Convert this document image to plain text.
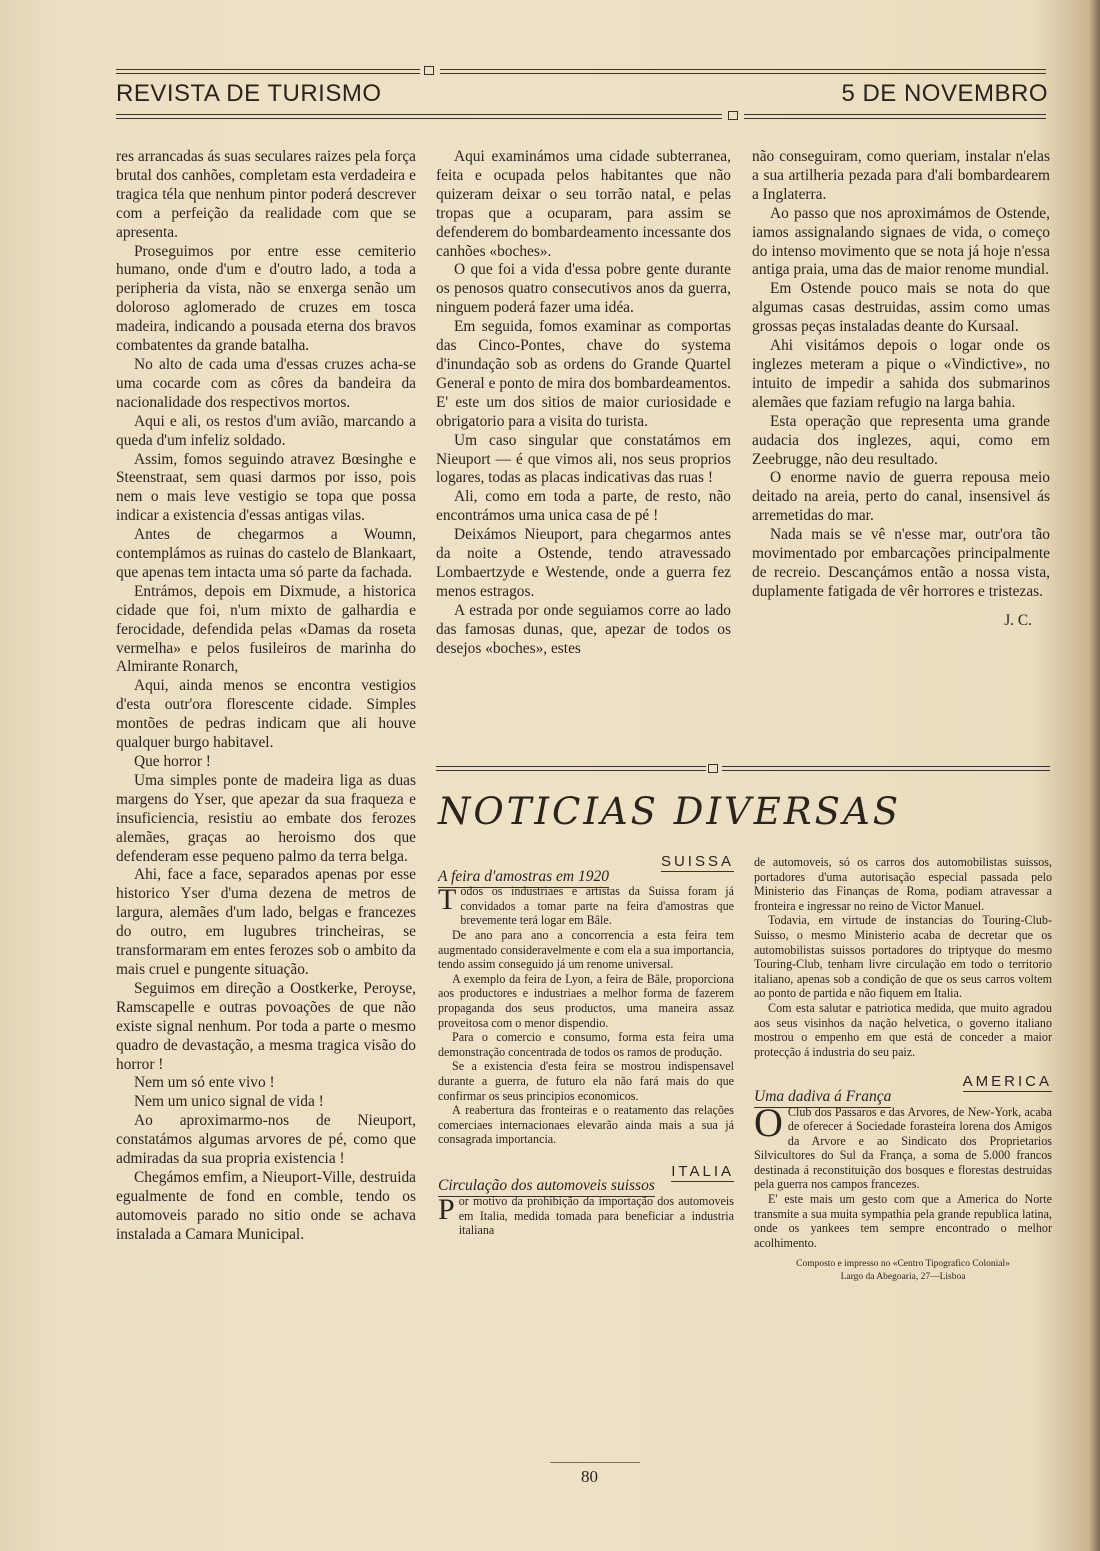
REVISTA DE TURISMO	5 DE NOVEMBRO

res arrancadas ás suas seculares raizes pela força brutal dos canhões, completam esta verdadeira e tragica téla que nenhum pintor poderá descrever com a perfeição da realidade com que se apresenta.

Proseguimos por entre esse cemiterio humano, onde d'um e d'outro lado, a toda a peripheria da vista, não se enxerga senão um doloroso aglomerado de cruzes em tosca madeira, indicando a pousada eterna dos bravos combatentes da grande batalha.

No alto de cada uma d'essas cruzes acha-se uma cocarde com as côres da bandeira da nacionalidade dos respectivos mortos.

Aqui e ali, os restos d'um avião, marcando a queda d'um infeliz soldado.

Assim, fomos seguindo atravez Bœsinghe e Steenstraat, sem quasi darmos por isso, pois nem o mais leve vestigio se topa que possa indicar a existencia d'essas antigas vilas.

Antes de chegarmos a Woumn, contemplámos as ruinas do castelo de Blankaart, que apenas tem intacta uma só parte da fachada.

Entrámos, depois em Dixmude, a historica cidade que foi, n'um mixto de galhardia e ferocidade, defendida pelas «Damas da roseta vermelha» e pelos fusileiros de marinha do Almirante Ronarch,

Aqui, ainda menos se encontra vestigios d'esta outr'ora florescente cidade. Simples montões de pedras indicam que ali houve qualquer burgo habitavel.

Que horror !

Uma simples ponte de madeira liga as duas margens do Yser, que apezar da sua fraqueza e insuficiencia, resistiu ao embate dos ferozes alemães, graças ao heroismo dos que defenderam esse pequeno palmo da terra belga.

Ahi, face a face, separados apenas por esse historico Yser d'uma dezena de metros de largura, alemães d'um lado, belgas e francezes do outro, em lugubres trincheiras, se transformaram em entes ferozes sob o ambito da mais cruel e pungente situação.

Seguimos em direção a Oostkerke, Peroyse, Ramscapelle e outras povoações de que não existe signal nenhum. Por toda a parte o mesmo quadro de devastação, a mesma tragica visão do horror !

Nem um só ente vivo !

Nem um unico signal de vida !

Ao aproximarmo-nos de Nieuport, constatámos algumas arvores de pé, como que admiradas da sua propria existencia !

Chegámos emfim, a Nieuport-Ville, destruida egualmente de fond en comble, tendo os automoveis parado no sitio onde se achava instalada a Camara Municipal.

Aqui examinámos uma cidade subterranea, feita e ocupada pelos habitantes que não quizeram deixar o seu torrão natal, e pelas tropas que a ocuparam, para assim se defenderem do bombardeamento incessante dos canhões «boches».

O que foi a vida d'essa pobre gente durante os penosos quatro consecutivos anos da guerra, ninguem poderá fazer uma idéa.

Em seguida, fomos examinar as comportas das Cinco-Pontes, chave do systema d'inundação sob as ordens do Grande Quartel General e ponto de mira dos bombardeamentos. E' este um dos sitios de maior curiosidade e obrigatorio para a visita do turista.

Um caso singular que constatámos em Nieuport — é que vimos ali, nos seus proprios logares, todas as placas indicativas das ruas !

Ali, como em toda a parte, de resto, não encontrámos uma unica casa de pé !

Deixámos Nieuport, para chegarmos antes da noite a Ostende, tendo atravessado Lombaertzyde e Westende, onde a guerra fez menos estragos.

A estrada por onde seguiamos corre ao lado das famosas dunas, que, apezar de todos os desejos «boches», estes

não conseguiram, como queriam, instalar n'elas a sua artilheria pezada para d'ali bombardearem a Inglaterra.

Ao passo que nos aproximámos de Ostende, iamos assignalando signaes de vida, o começo do intenso movimento que se nota já hoje n'essa antiga praia, uma das de maior renome mundial.

Em Ostende pouco mais se nota do que algumas casas destruidas, assim como umas grossas peças instaladas deante do Kursaal.

Ahi visitámos depois o logar onde os inglezes meteram a pique o «Vindictive», no intuito de impedir a sahida dos submarinos alemães que faziam refugio na larga bahia.

Esta operação que representa uma grande audacia dos inglezes, aqui, como em Zeebrugge, não deu resultado.

O enorme navio de guerra repousa meio deitado na areia, perto do canal, insensivel ás arremetidas do mar.

Nada mais se vê n'esse mar, outr'ora tão movimentado por embarcações principalmente de recreio. Descançámos então a nossa vista, duplamente fatigada de vêr horrores e tristezas.

J. C.

NOTICIAS DIVERSAS

SUISSA

A feira d'amostras em 1920

Todos os industriaes e artistas da Suissa foram já convidados a tomar parte na feira d'amostras que brevemente terá logar em Bâle.

De ano para ano a concorrencia a esta feira tem augmentado consideravelmente e com ela a sua importancia, tendo assim conseguido já um renome universal.

A exemplo da feira de Lyon, a feira de Bâle, proporciona aos productores e industriaes a melhor forma de fazerem propaganda dos seus productos, uma maneira assaz proveitosa com o menor dispendio.

Para o comercio e consumo, forma esta feira uma demonstração concentrada de todos os ramos de produção.

Se a existencia d'esta feira se mostrou indispensavel durante a guerra, de futuro ela não fará mais do que confirmar os seus principios economicos.

A reabertura das fronteiras e o reatamento das relações comerciaes internacionaes elevarão ainda mais a sua já consagrada importancia.

ITALIA

Circulação dos automoveis suissos

Por motivo da prohibição da importação dos automoveis em Italia, medida tomada para beneficiar a industria italiana

de automoveis, só os carros dos automobilistas suissos, portadores d'uma autorisação especial passada pelo Ministerio das Finanças de Roma, podiam atravessar a fronteira e ingressar no reino de Victor Manuel.

Todavia, em virtude de instancias do Touring-Club-Suisso, o mesmo Ministerio acaba de decretar que os automobilistas suissos portadores do triptyque do mesmo Touring-Club, tenham livre circulação em todo o territorio italiano, apenas sob a condição de que os seus carros voltem ao ponto de partida e não fiquem em Italia.

Com esta salutar e patriotica medida, que muito agradou aos seus visinhos da nação helvetica, o governo italiano mostrou o empenho em que está de conceder a maior protecção á industria do seu paiz.

AMERICA

Uma dadiva á França

O Club dos Passaros e das Arvores, de New-York, acaba de oferecer á Sociedade forasteira lorena dos Amigos da Arvore e ao Sindicato dos Proprietarios Silvicultores do Sul da França, a soma de 5.000 francos destinada á reconstituição dos bosques e florestas destruidas pela guerra nos campos francezes.

E' este mais um gesto com que a America do Norte transmite a sua muita sympathia pela grande republica latina, onde os yankees tem sempre encontrado o melhor acolhimento.

Composto e impresso no «Centro Tipografico Colonial»

Largo da Abegoaria, 27—Lisboa

80
